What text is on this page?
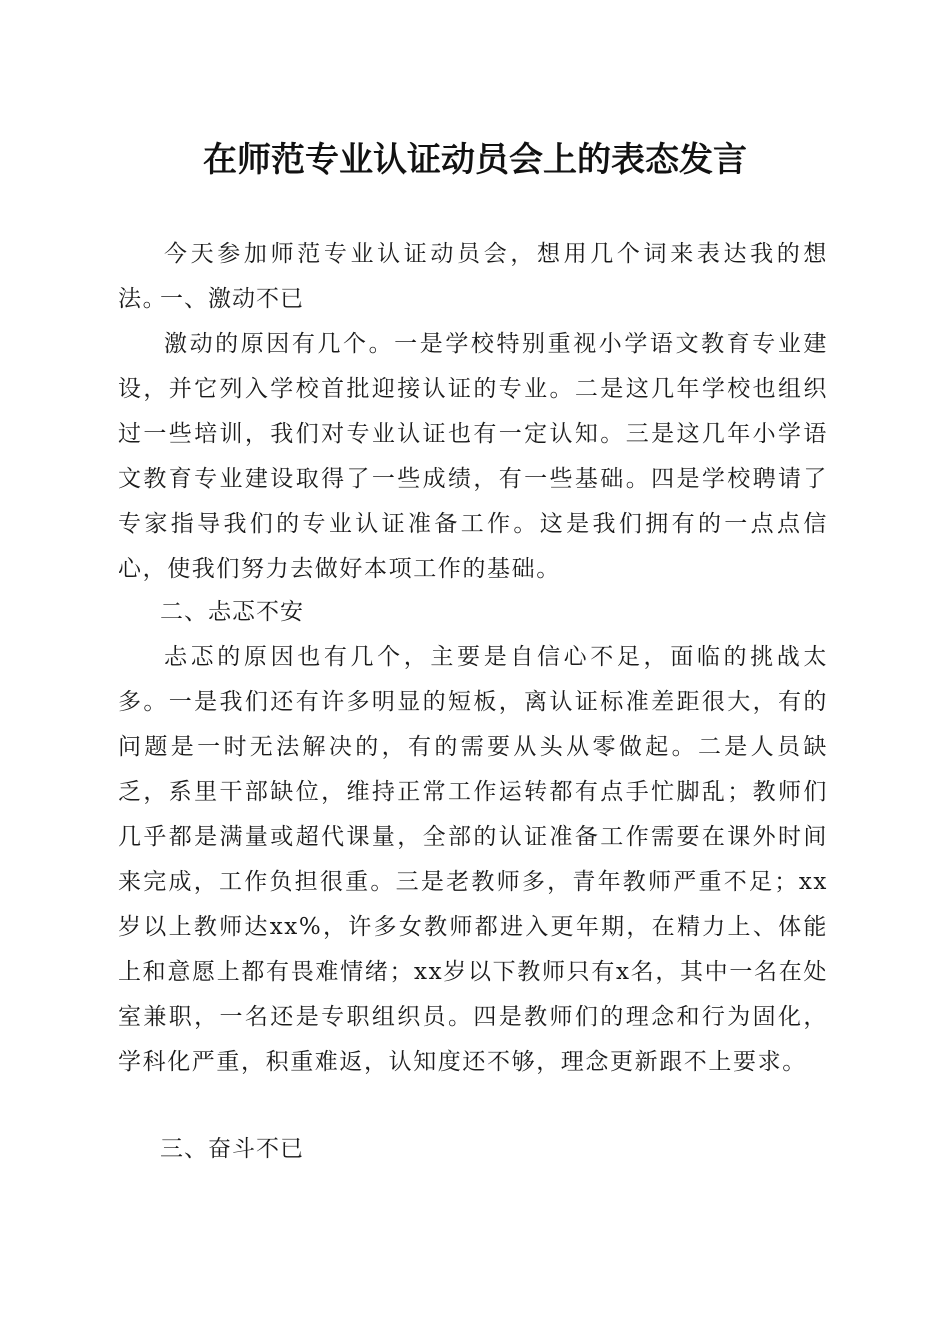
在师范专业认证动员会上的表态发言

今天参加师范专业认证动员会，想用几个词来表达我的想法。

一、激动不已

激动的原因有几个。一是学校特别重视小学语文教育专业建设，并它列入学校首批迎接认证的专业。二是这几年学校也组织过一些培训，我们对专业认证也有一定认知。三是这几年小学语文教育专业建设取得了一些成绩，有一些基础。四是学校聘请了专家指导我们的专业认证准备工作。这是我们拥有的一点点信心，使我们努力去做好本项工作的基础。

二、忐忑不安

忐忑的原因也有几个，主要是自信心不足，面临的挑战太多。一是我们还有许多明显的短板，离认证标准差距很大，有的问题是一时无法解决的，有的需要从头从零做起。二是人员缺乏，系里干部缺位，维持正常工作运转都有点手忙脚乱；教师们几乎都是满量或超代课量，全部的认证准备工作需要在课外时间来完成，工作负担很重。三是老教师多，青年教师严重不足；xx岁以上教师达xx%，许多女教师都进入更年期，在精力上、体能上和意愿上都有畏难情绪；xx岁以下教师只有x名，其中一名在处室兼职，一名还是专职组织员。四是教师们的理念和行为固化，学科化严重，积重难返，认知度还不够，理念更新跟不上要求。

三、奋斗不已
